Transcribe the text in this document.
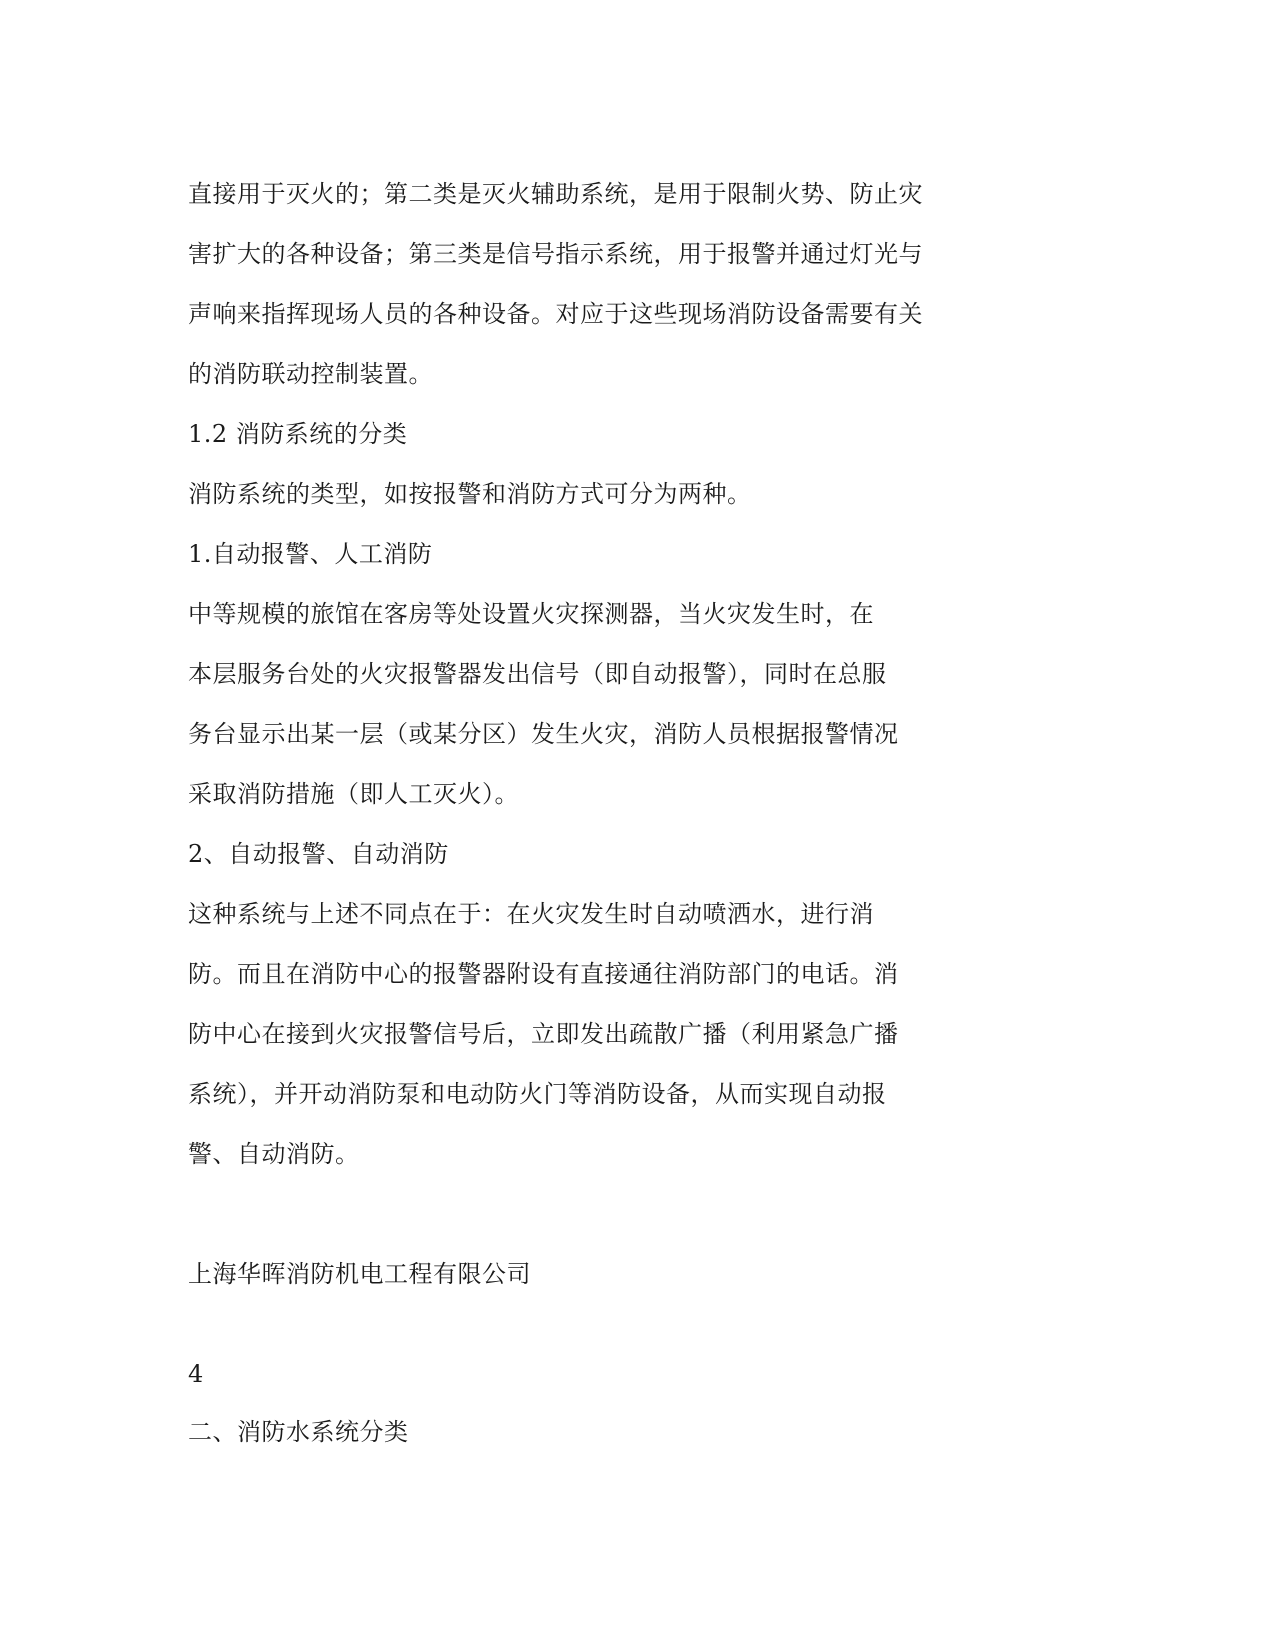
直接用于灭火的；第二类是灭火辅助系统，是用于限制火势、防止灾

害扩大的各种设备；第三类是信号指示系统，用于报警并通过灯光与

声响来指挥现场人员的各种设备。对应于这些现场消防设备需要有关

的消防联动控制装置。

1.2 消防系统的分类

消防系统的类型，如按报警和消防方式可分为两种。

1.自动报警、人工消防

中等规模的旅馆在客房等处设置火灾探测器，当火灾发生时，在

本层服务台处的火灾报警器发出信号（即自动报警），同时在总服

务台显示出某一层（或某分区）发生火灾，消防人员根据报警情况

采取消防措施（即人工灭火）。

2、自动报警、自动消防

这种系统与上述不同点在于：在火灾发生时自动喷洒水，进行消

防。而且在消防中心的报警器附设有直接通往消防部门的电话。消

防中心在接到火灾报警信号后，立即发出疏散广播（利用紧急广播

系统），并开动消防泵和电动防火门等消防设备，从而实现自动报

警、自动消防。

上海华晖消防机电工程有限公司

4

二、消防水系统分类
